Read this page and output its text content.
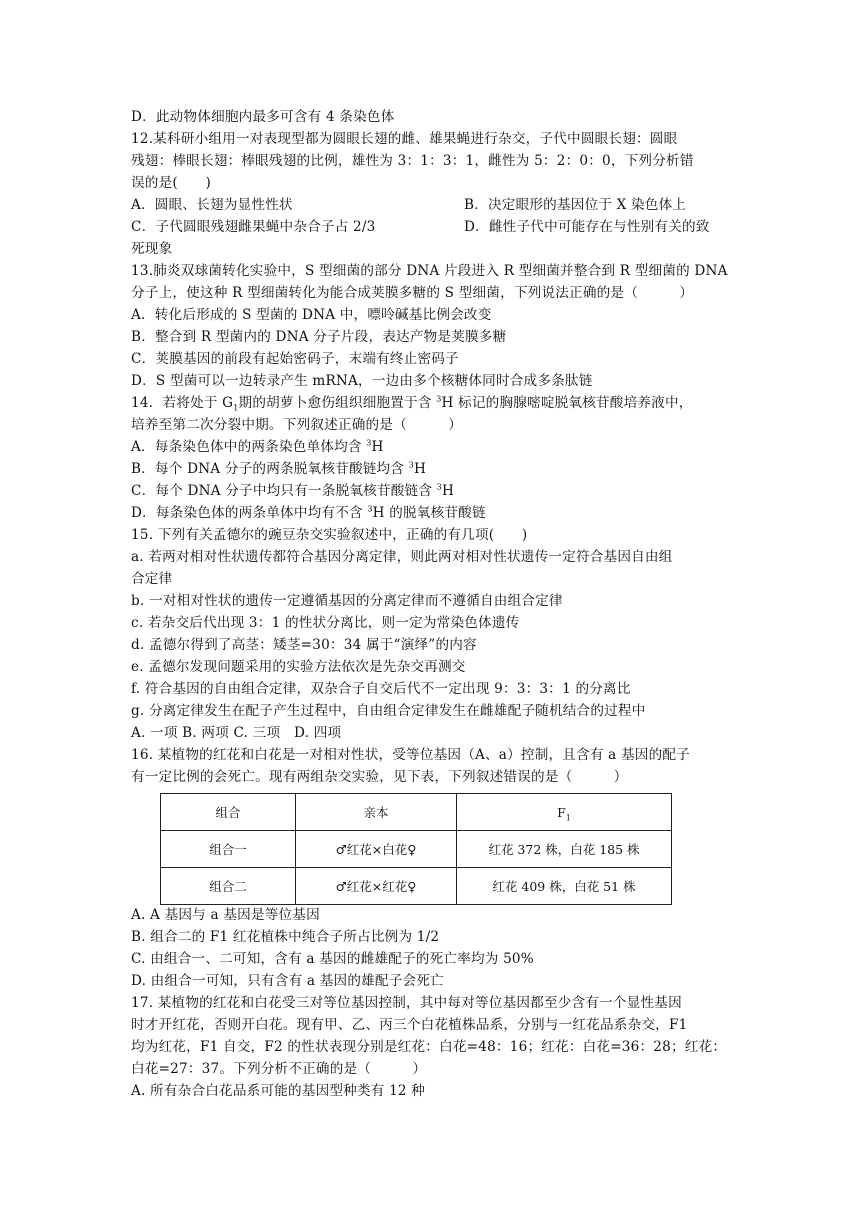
D．此动物体细胞内最多可含有 4 条染色体
12.某科研小组用一对表现型都为圆眼长翅的雌、雄果蝇进行杂交，子代中圆眼长翅：圆眼
残翅：棒眼长翅：棒眼残翅的比例，雄性为 3：1：3：1，雌性为 5：2：0：0，下列分析错
误的是(　　)
A．圆眼、长翅为显性性状	B．决定眼形的基因位于 X 染色体上
C．子代圆眼残翅雌果蝇中杂合子占 2/3	D．雌性子代中可能存在与性别有关的致
死现象
13.肺炎双球菌转化实验中，S 型细菌的部分 DNA 片段进入 R 型细菌并整合到 R 型细菌的 DNA
分子上，使这种 R 型细菌转化为能合成荚膜多糖的 S 型细菌，下列说法正确的是（　　　）
A．转化后形成的 S 型菌的 DNA 中，嘌呤碱基比例会改变
B．整合到 R 型菌内的 DNA 分子片段，表达产物是荚膜多糖
C．荚膜基因的前段有起始密码子，末端有终止密码子
D．S 型菌可以一边转录产生 mRNA，一边由多个核糖体同时合成多条肽链
14．若将处于 $G_1$期的胡萝卜愈伤组织细胞置于含 $^3$H 标记的胸腺嘧啶脱氧核苷酸培养液中，
培养至第二次分裂中期。下列叙述正确的是（　　　）
A．每条染色体中的两条染色单体均含 $^3$H
B．每个 DNA 分子的两条脱氧核苷酸链均含 $^3$H
C．每个 DNA 分子中均只有一条脱氧核苷酸链含 $^3$H
D．每条染色体的两条单体中均有不含 $^3$H 的脱氧核苷酸链
15. 下列有关孟德尔的豌豆杂交实验叙述中，正确的有几项(　　)
a. 若两对相对性状遗传都符合基因分离定律，则此两对相对性状遗传一定符合基因自由组
合定律
b. 一对相对性状的遗传一定遵循基因的分离定律而不遵循自由组合定律
c. 若杂交后代出现 3：1 的性状分离比，则一定为常染色体遗传
d. 孟德尔得到了高茎：矮茎=30：34 属于“演绎”的内容
e. 孟德尔发现问题采用的实验方法依次是先杂交再测交
f. 符合基因的自由组合定律，双杂合子自交后代不一定出现 9：3：3：1 的分离比
g. 分离定律发生在配子产生过程中，自由组合定律发生在雌雄配子随机结合的过程中
A. 一项 B. 两项 C. 三项　D. 四项
16. 某植物的红花和白花是一对相对性状，受等位基因（A、a）控制，且含有 a 基因的配子
有一定比例的会死亡。现有两组杂交实验，见下表，下列叙述错误的是（　　　）
组合	亲本	$F_1$
组合一	♂红花×白花♀	红花 372 株，白花 185 株
组合二	♂红花×红花♀	红花 409 株，白花 51 株
A. A 基因与 a 基因是等位基因
B. 组合二的 F1 红花植株中纯合子所占比例为 1/2
C. 由组合一、二可知，含有 a 基因的雌雄配子的死亡率均为 50%
D. 由组合一可知，只有含有 a 基因的雄配子会死亡
17. 某植物的红花和白花受三对等位基因控制，其中每对等位基因都至少含有一个显性基因
时才开红花，否则开白花。现有甲、乙、丙三个白花植株品系，分别与一红花品系杂交，F1
均为红花，F1 自交，F2 的性状表现分别是红花：白花=48：16；红花：白花=36：28；红花：
白花=27：37。下列分析不正确的是（　　　）
A. 所有杂合白花品系可能的基因型种类有 12 种
